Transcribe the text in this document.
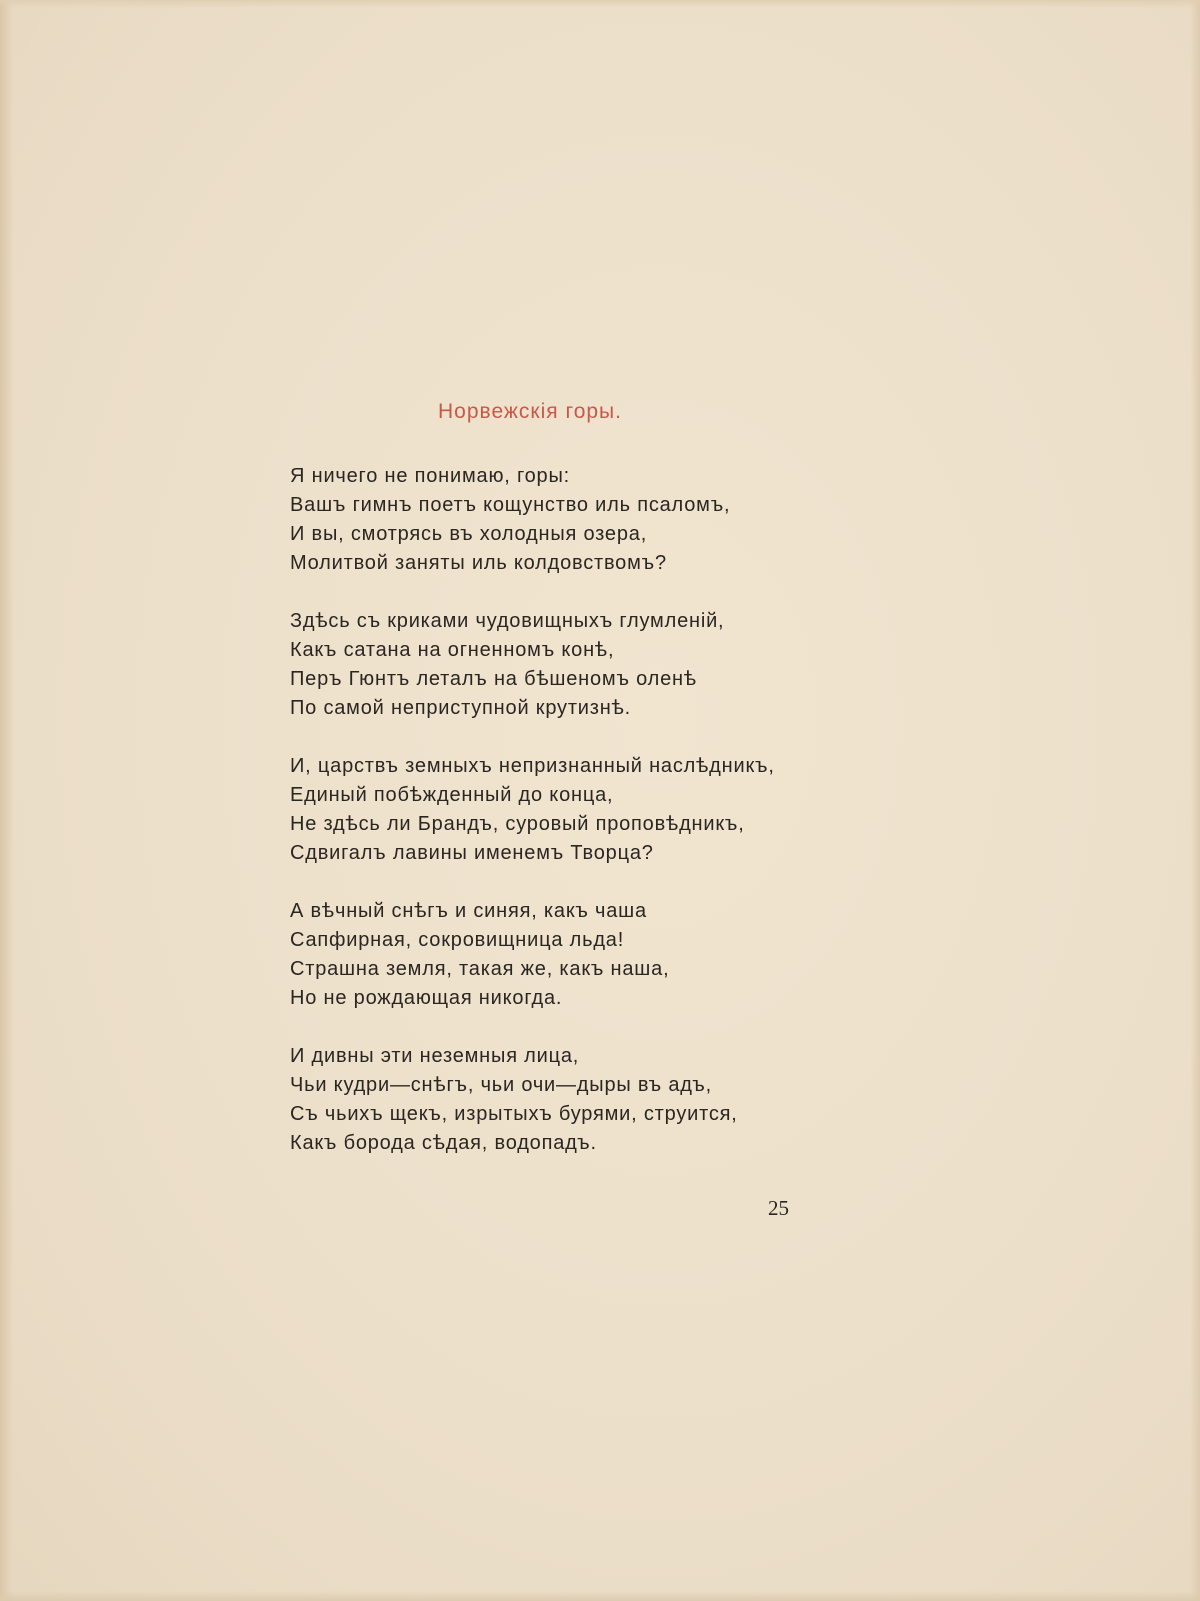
Норвежскія горы.
Я ничего не понимаю, горы:
Вашъ гимнъ поетъ кощунство иль псаломъ,
И вы, смотрясь въ холодныя озера,
Молитвой заняты иль колдовствомъ?
Здѣсь съ криками чудовищныхъ глумленій,
Какъ сатана на огненномъ конѣ,
Перъ Гюнтъ леталъ на бѣшеномъ оленѣ
По самой неприступной крутизнѣ.
И, царствъ земныхъ непризнанный наслѣдникъ,
Единый побѣжденный до конца,
Не здѣсь ли Брандъ, суровый проповѣдникъ,
Сдвигалъ лавины именемъ Творца?
А вѣчный снѣгъ и синяя, какъ чаша
Сапфирная, сокровищница льда!
Страшна земля, такая же, какъ наша,
Но не рождающая никогда.
И дивны эти неземныя лица,
Чьи кудри—снѣгъ, чьи очи—дыры въ адъ,
Съ чьихъ щекъ, изрытыхъ бурями, струится,
Какъ борода сѣдая, водопадъ.
25
